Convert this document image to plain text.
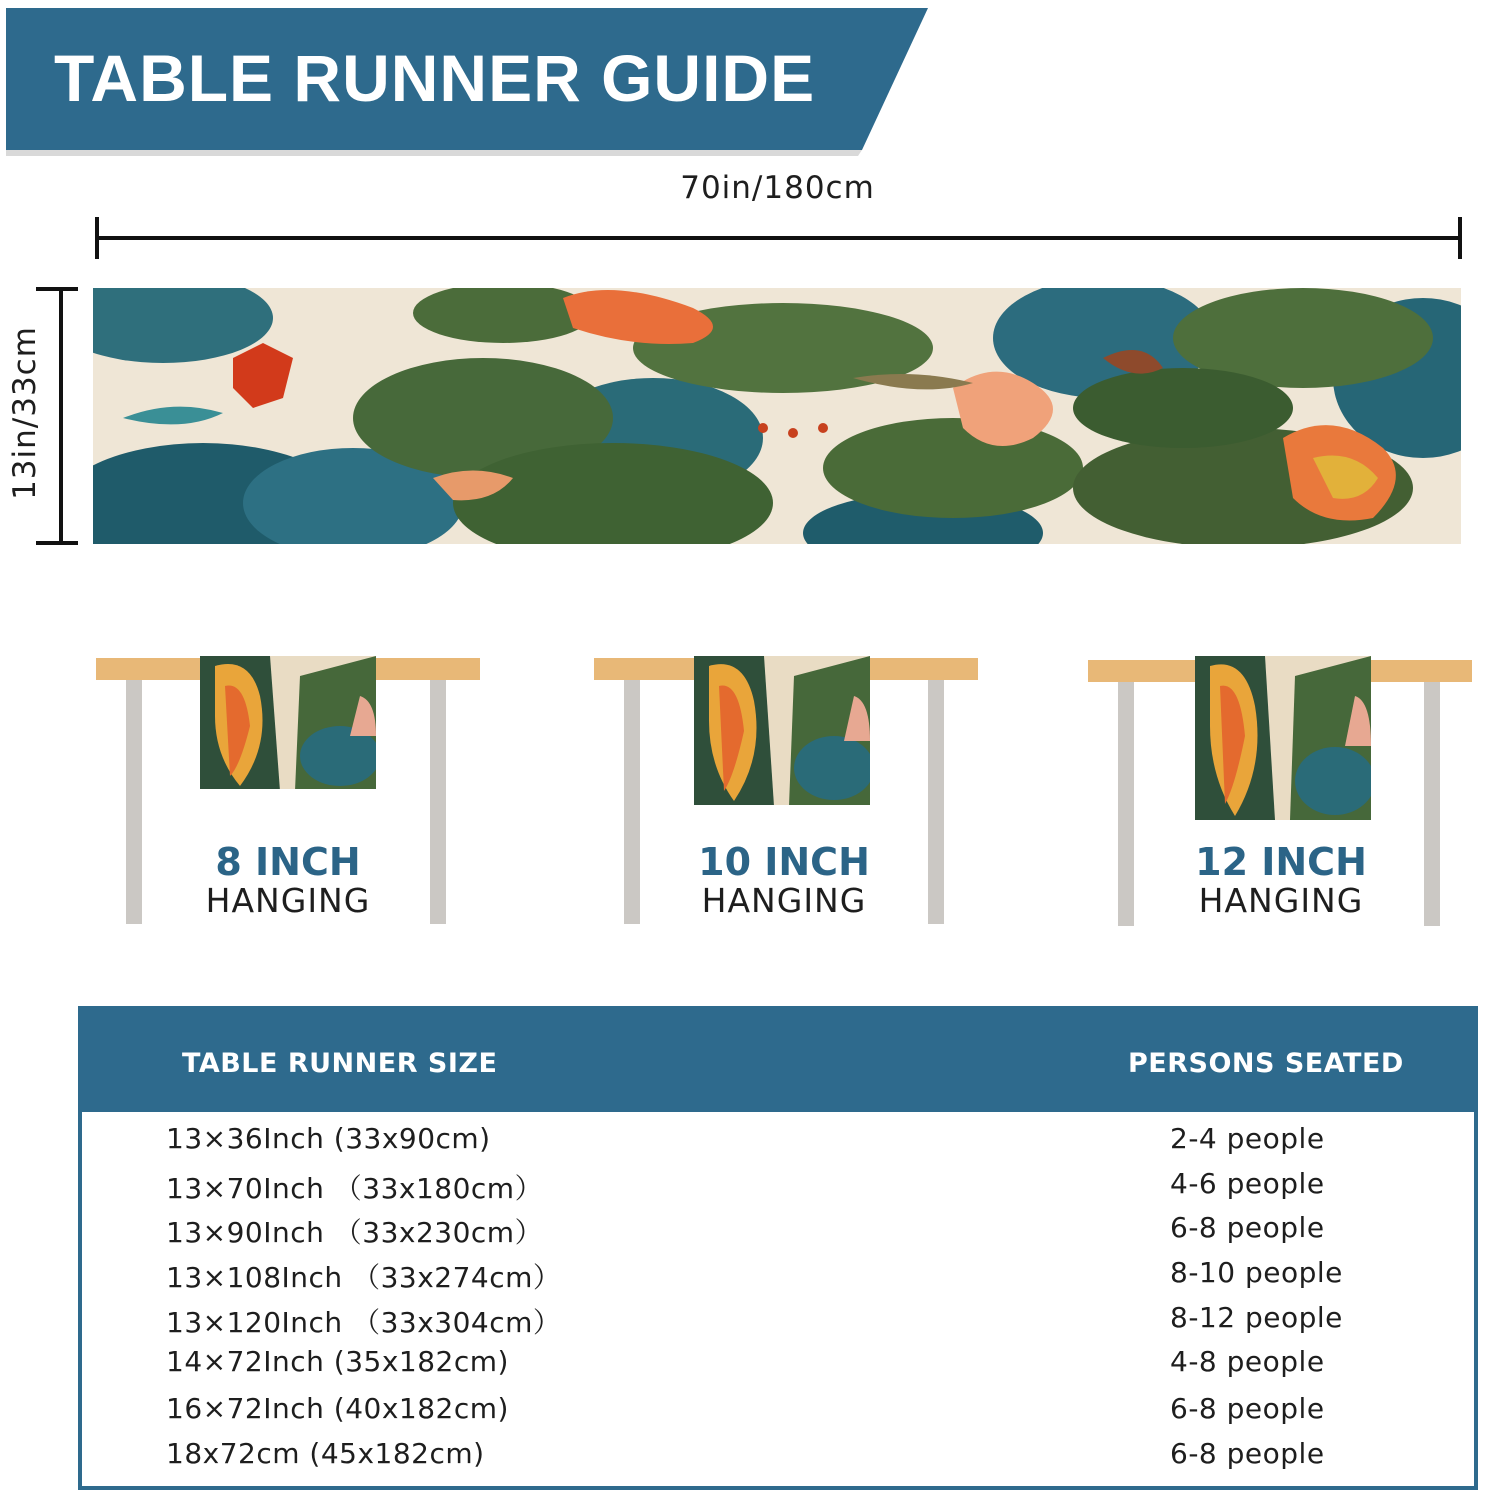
TABLE RUNNER GUIDE
70in/180cm
13in/33cm
8 INCH
HANGING
10 INCH
HANGING
12 INCH
HANGING
TABLE RUNNER SIZE	PERSONS SEATED
13×36Inch (33x90cm)	2-4 people
13×70Inch （33x180cm）	4-6 people
13×90Inch （33x230cm）	6-8 people
13×108Inch （33x274cm）	8-10 people
13×120Inch （33x304cm）	8-12 people
14×72Inch (35x182cm)	4-8 people
16×72Inch (40x182cm)	6-8 people
18x72cm (45x182cm)	6-8 people
